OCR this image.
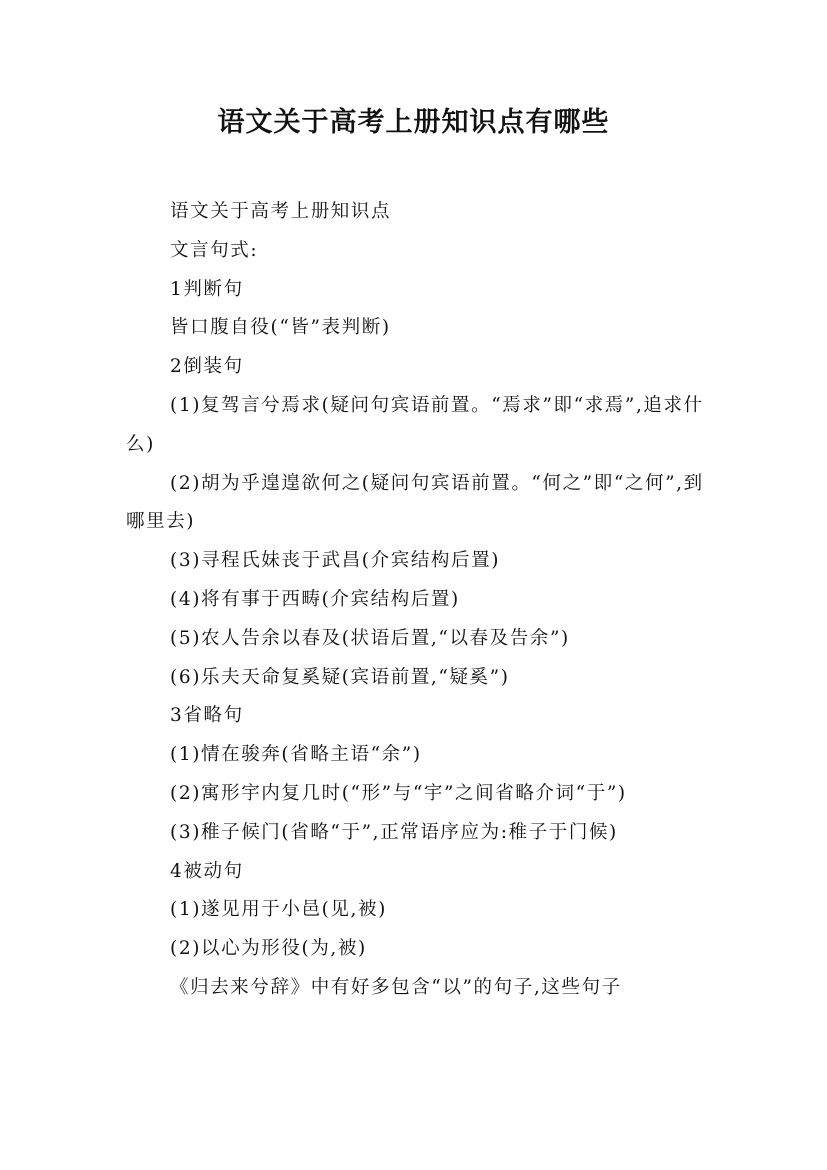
语文关于高考上册知识点有哪些

语文关于高考上册知识点

文言句式:

1判断句

皆口腹自役(“皆”表判断)

2倒装句

(1)复驾言兮焉求(疑问句宾语前置。“焉求”即“求焉”,追求什么)

(2)胡为乎遑遑欲何之(疑问句宾语前置。“何之”即“之何”,到哪里去)

(3)寻程氏妹丧于武昌(介宾结构后置)

(4)将有事于西畴(介宾结构后置)

(5)农人告余以春及(状语后置,“以春及告余”)

(6)乐夫天命复奚疑(宾语前置,“疑奚”)

3省略句

(1)情在骏奔(省略主语“余”)

(2)寓形宇内复几时(“形”与“宇”之间省略介词“于”)

(3)稚子候门(省略“于”,正常语序应为:稚子于门候)

4被动句

(1)遂见用于小邑(见,被)

(2)以心为形役(为,被)

《归去来兮辞》中有好多包含“以”的句子,这些句子
